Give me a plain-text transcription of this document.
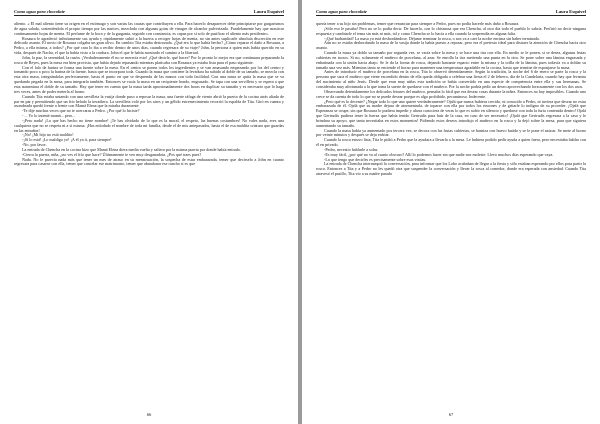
Como agua para chocolate	Laura Esquivel

aliento. « El mal aliento tiene su origen en el estómago y son varias las causas que contribuyen a ella. Para hacerlo desaparecer debe principiarse por gargarismos de agua salada, sosteniéndola el propio tiempo por las narices, mezclada con algunas gotas de vinagre de alcanfor pulverizado. Paralelamente hay que masticar continuamente hojas de menta. El perfume de la boca y de la garganta, seguido con constancia, es capaz por sí solo de purificar el aliento más pestilente».

Rosaura le agradeció infinitamente sus ayuda y rápidamente subió a la huerta a recoger hojas de menta, no sin antes suplicarle absoluta discreción en este delicado asunto. El novio de Rosaura colgaba un gran olivo. En cambio Tita estaba destrozada. ¿Qué era lo que había hecho? ¿Cómo reparar el daño a Rosaura, a Pedro, a ella misma, a todos? ¿Por qué cara lo iba a recibir dentro de unos días, cuando regresara de su viaje? John, la persona a quien más había querido en su vida, después de Nacha, el que la había visto a la cordura. John el que le había mostrado el camino a la libertad.

John, la paz, la serenidad, la razón. ¡Verdaderamente él no se merecía esto! ¿Qué decirle, qué hacer? Por lo pronto lo mejor era que continuara preparando la rosca de Reyes, pues la mesa era bien provista, que había dejado repasando mientras platicaba con Rosaura ya estaba lista para el paso siguiente.

Con el falo de harina se forma una fuente sobre la mesa. En el centro se ponen todos los ingredientes y se van amasando empezando por los del centro y tomando poco a poco la harina de la fuente, hasta que se incorpora toda. Cuando la masa que contiene la levadura ha subido al doble de su tamaño, se mezcla con esta otra masa, integrándolas perfectamente, hasta el punto en que se desprenda de las manos con toda facilidad. Con una masa se quita la masa que se va quedando pegada en la mesa, para integrarla también. Entonces se vacía la masa en un recipiente hondo, engrasado. Se tapa con una servilleta y se espera a que esta aumentara el doble de su tamaño. Hay que tener en cuenta que la masa tarda aproximadamente dos horas en duplicar su tamaño y es necesario que lo haga tres veces, antes de poder meterla al horno.

Cuando Tita estaba untando con una servilleta la vasija donde puso a reposar la masa, una fuerte ráfaga de viento abrió la puerta de la cocina atrás aliada de par en par y permitiendo que un frío helado la invadiera. La servilleta voló por los aires y un gélido estremecimiento recorrió la espalda de Tita. Giró en cuanto y asombrada quedó frente a frente con Mamá Elena que la miraba duramente.

-Te dije muchas veces que no te acercaras a Pedro. ¿Por qué lo hiciste?

- ... Yo lo intenté mamá... pero...

-¡Pero nada! ¡Lo que has hecho no tiene nombre! ¡Te has olvidado de lo que es la moral, el respeto, las buenas costumbres! No vales nada, eres una cualquiera que no se respeta ni a sí misma. ¡Has enlodado el nombre de toda mi familia, desde el de mis antepasados, hasta el de esa maldita criatura que guardas en las entrañas!

-¡No! ¡Mi hijo no está maldito!

-¡Sí lo está! ¡Lo maldigo yo! ¡A él ya ti, para siempre!

-No, por favor.

La entrada de Chencha en la cocina hizo que Mamá Elena diera media vuelta y saliera por la misma puerta por donde había entrado.

-Cierra la puerta, niña, ¿no ves el frío que hace? Últimamente te veo muy desganadota. ¿Pos qué traes pues?

Nada. No le parecía nada más que tener un mes de atraso en su menstruación, la sospecha de estar embarazada, temer que decírselo a John en cuanto regresara para casarse con ella, temer que cancelar ese matrimonio, temer que abandonar ese rancho si es que

66
Como agua para chocolate	Laura Esquivel

quería tener a su hijo sin problemas, temer que renunciar para siempre a Pedro, pues no podía hacerle más daño a Rosaura.

¡Sólo eso le pasaba! Pero no se lo podía decir. De hacerlo, con lo chismosa que era Chencha, al otro día todo el pueblo lo sabría. Prefirió no decir ninguna respuesta y cambiarle el tema sin más ni más, tal y como Chencha se lo hacía a ella cuando la sorprendía en alguna falta.

-¡Qué barbaridad! La masa ya está desbordándose. Déjame terminar la rosca, o nos va a caer la noche encima sin haber terminado.

Aún no se estaba desbordando la masa de la vasija donde la había puesto a reposar, pero era el pretexto ideal para distraer la atención de Chencha hacia otro asunto.

Cuando la masa ya doblo su tamaño por segunda vez, se vacía sobre la mesa y se hace una tira con ella. En medio se le ponen, si se desea, algunas frutas cubiertas en trozos. Si no, solamente el muñeco de porcelana, al azar. Se enrolla la tira metiendo una punta en la otra. Se pone sobre una lámina engrasada y enharinada con la unión hacia abajo. Se le da la forma de rosca, dejando bastante espacio entre la misma y la orilla de la lámina, pues todavía va a doblar su tamaño una vez más. Mientras tanto se enciende el horno para mantener una temperatura agradable en la cocina, hasta que termine de esponjarse la masa.

Antes de introducir el muñeco de porcelana en la rosca, Tita lo observó detenidamente. Según la tradición, la noche del 6 de enero se parte la rosca y la persona que saca el muñeco que viene escondido dentro de ella queda obligada a celebrar una fiesta el 2 de febrero, día de la Candelaria, cuando hay que levantar del nacimiento al niño Jesús. Desde que eran muy niñas esta tradición se había convertido en una especie de competencia entre ella y sus hermanas. Se consideraba muy afortunada a la que toma la suerte de quedarse con el muñeco. Por la noche podría pedir un deseo aprovechando forzosamente con los dos usos.

Observando detenidamente los delicados fetones del muñeco, pensaba lo fácil que era desear cosas durante la niñez. Entonces no hay imposibles. Cuando uno crece se da cuenta de todo lo que no se puede desear porque es algo prohibido, pecaminoso. Indecente.

¿Pero qué es lo decente? ¿Negar todo lo que uno quiere verdaderamente? Ojalá que nunca hubiera crecido, ni conocido a Pedro, ni tuviera que desear no estar embarazada de él. Ojalá que su madre dejara de atormentarla, de toparse con ella por todos los rincones y de gritarle lo indigno de su proceder. ¡Ojalá que Esperanza se ocupe, sin que Rosaura lo pudiera impedir y ahora conociera de veras lo que es sufrir en silencio y quedarse con toda la furia contenida dentro! Ojalá que Gertrudis pudiera tener la fuerza que había tenido Gertrudis para huir de la casa, en caso de ser necesario! ¡Ojalá que Gertrudis regresara a la casa y le brindara su apoyo, que tanta necesitaba en estos momentos! Pidiendo estos deseos introdujo el muñeco en la rosca y la dejó sobre la mesa, para que siguiera aumentando su tamaño.

Cuando la masa había ya aumentado por tercera vez, se decora con las frutas cubiertas, se barniza con huevo batido y se le pone el azúcar. Se mete al horno por veinte minutos y después se deja enfriar.

Cuando la rosca estuvo lista, Tita le pidió a Pedro que la ayudara a llevarla a la mesa. Le hubiera podido pedir ayuda a quien fuera, pero necesitaba hablar con él en privado.

-Pedro, necesito hablarle a solas.

-Es muy fácil, ¿por qué no va al cuarto obscuro? Allí lo podemos hacer sin que nadie nos moleste. Llevo muchos días esperando que vaya.

-Lo que tengo que decirles es precisamente sobre esas visitas.

La entrada de Chencha interrumpió la conversación, para informar que los Lobo acababan de llegar a la fiesta y sólo estaban esperando por ellos para partir la rosca. Entonces a Tita y a Pedro no les quedó otra que suspender la conversación y llevar la rosca al comedor, donde era esperada con ansiedad. Cuando Tita atravesó el pasillo, Tita vio a su madre parada

67
